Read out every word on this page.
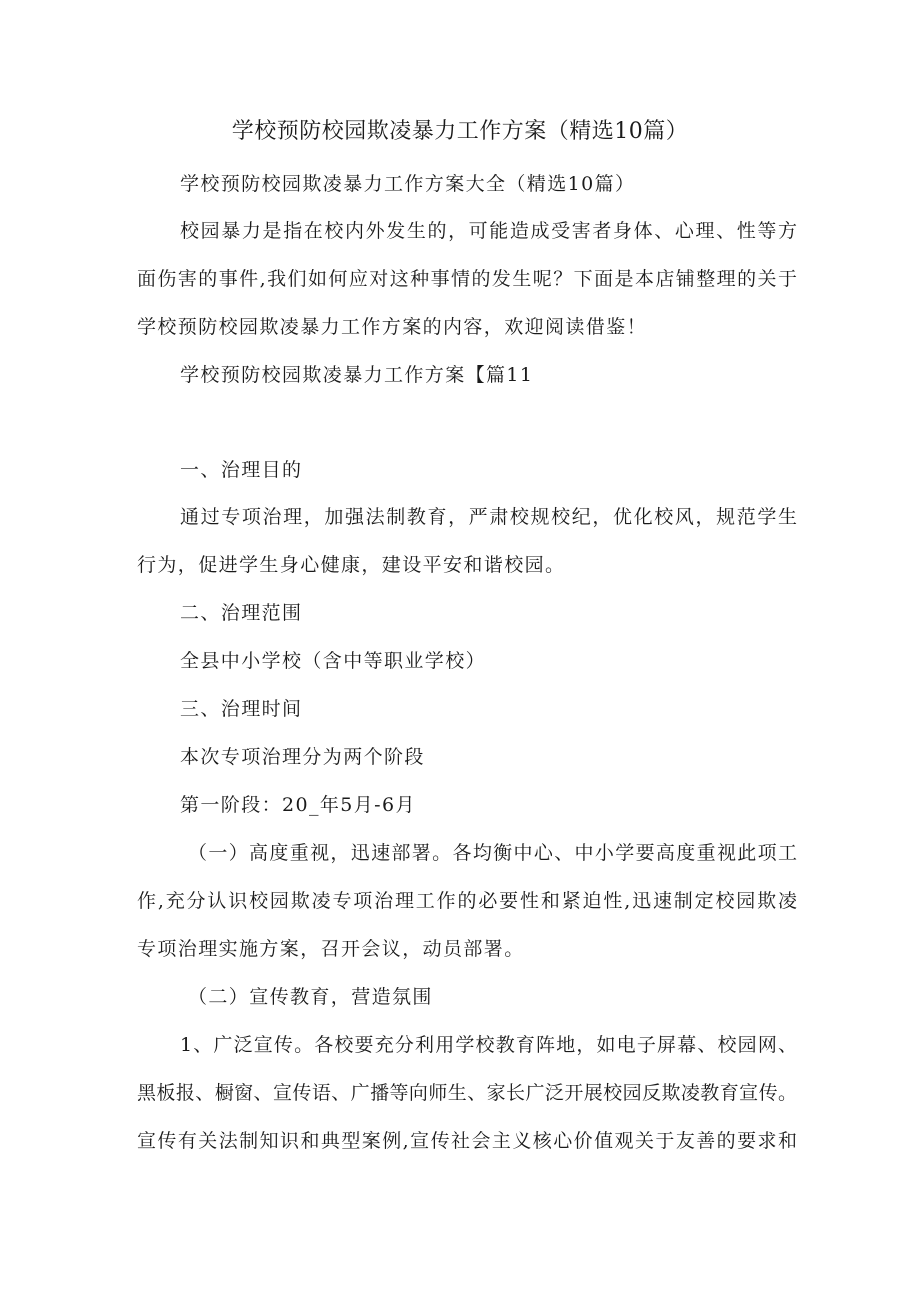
学校预防校园欺凌暴力工作方案（精选10篇）

学校预防校园欺凌暴力工作方案大全（精选10篇）

校园暴力是指在校内外发生的，可能造成受害者身体、心理、性等方

面伤害的事件,我们如何应对这种事情的发生呢？下面是本店铺整理的关于

学校预防校园欺凌暴力工作方案的内容，欢迎阅读借鉴！

学校预防校园欺凌暴力工作方案【篇11

一、治理目的

通过专项治理，加强法制教育，严肃校规校纪，优化校风，规范学生

行为，促进学生身心健康，建设平安和谐校园。

二、治理范围

全县中小学校（含中等职业学校）

三、治理时间

本次专项治理分为两个阶段

第一阶段：20_年5月-6月

（一）高度重视，迅速部署。各均衡中心、中小学要高度重视此项工

作,充分认识校园欺凌专项治理工作的必要性和紧迫性,迅速制定校园欺凌

专项治理实施方案，召开会议，动员部署。

（二）宣传教育，营造氛围

1、广泛宣传。各校要充分利用学校教育阵地，如电子屏幕、校园网、

黑板报、橱窗、宣传语、广播等向师生、家长广泛开展校园反欺凌教育宣传。

宣传有关法制知识和典型案例,宣传社会主义核心价值观关于友善的要求和
